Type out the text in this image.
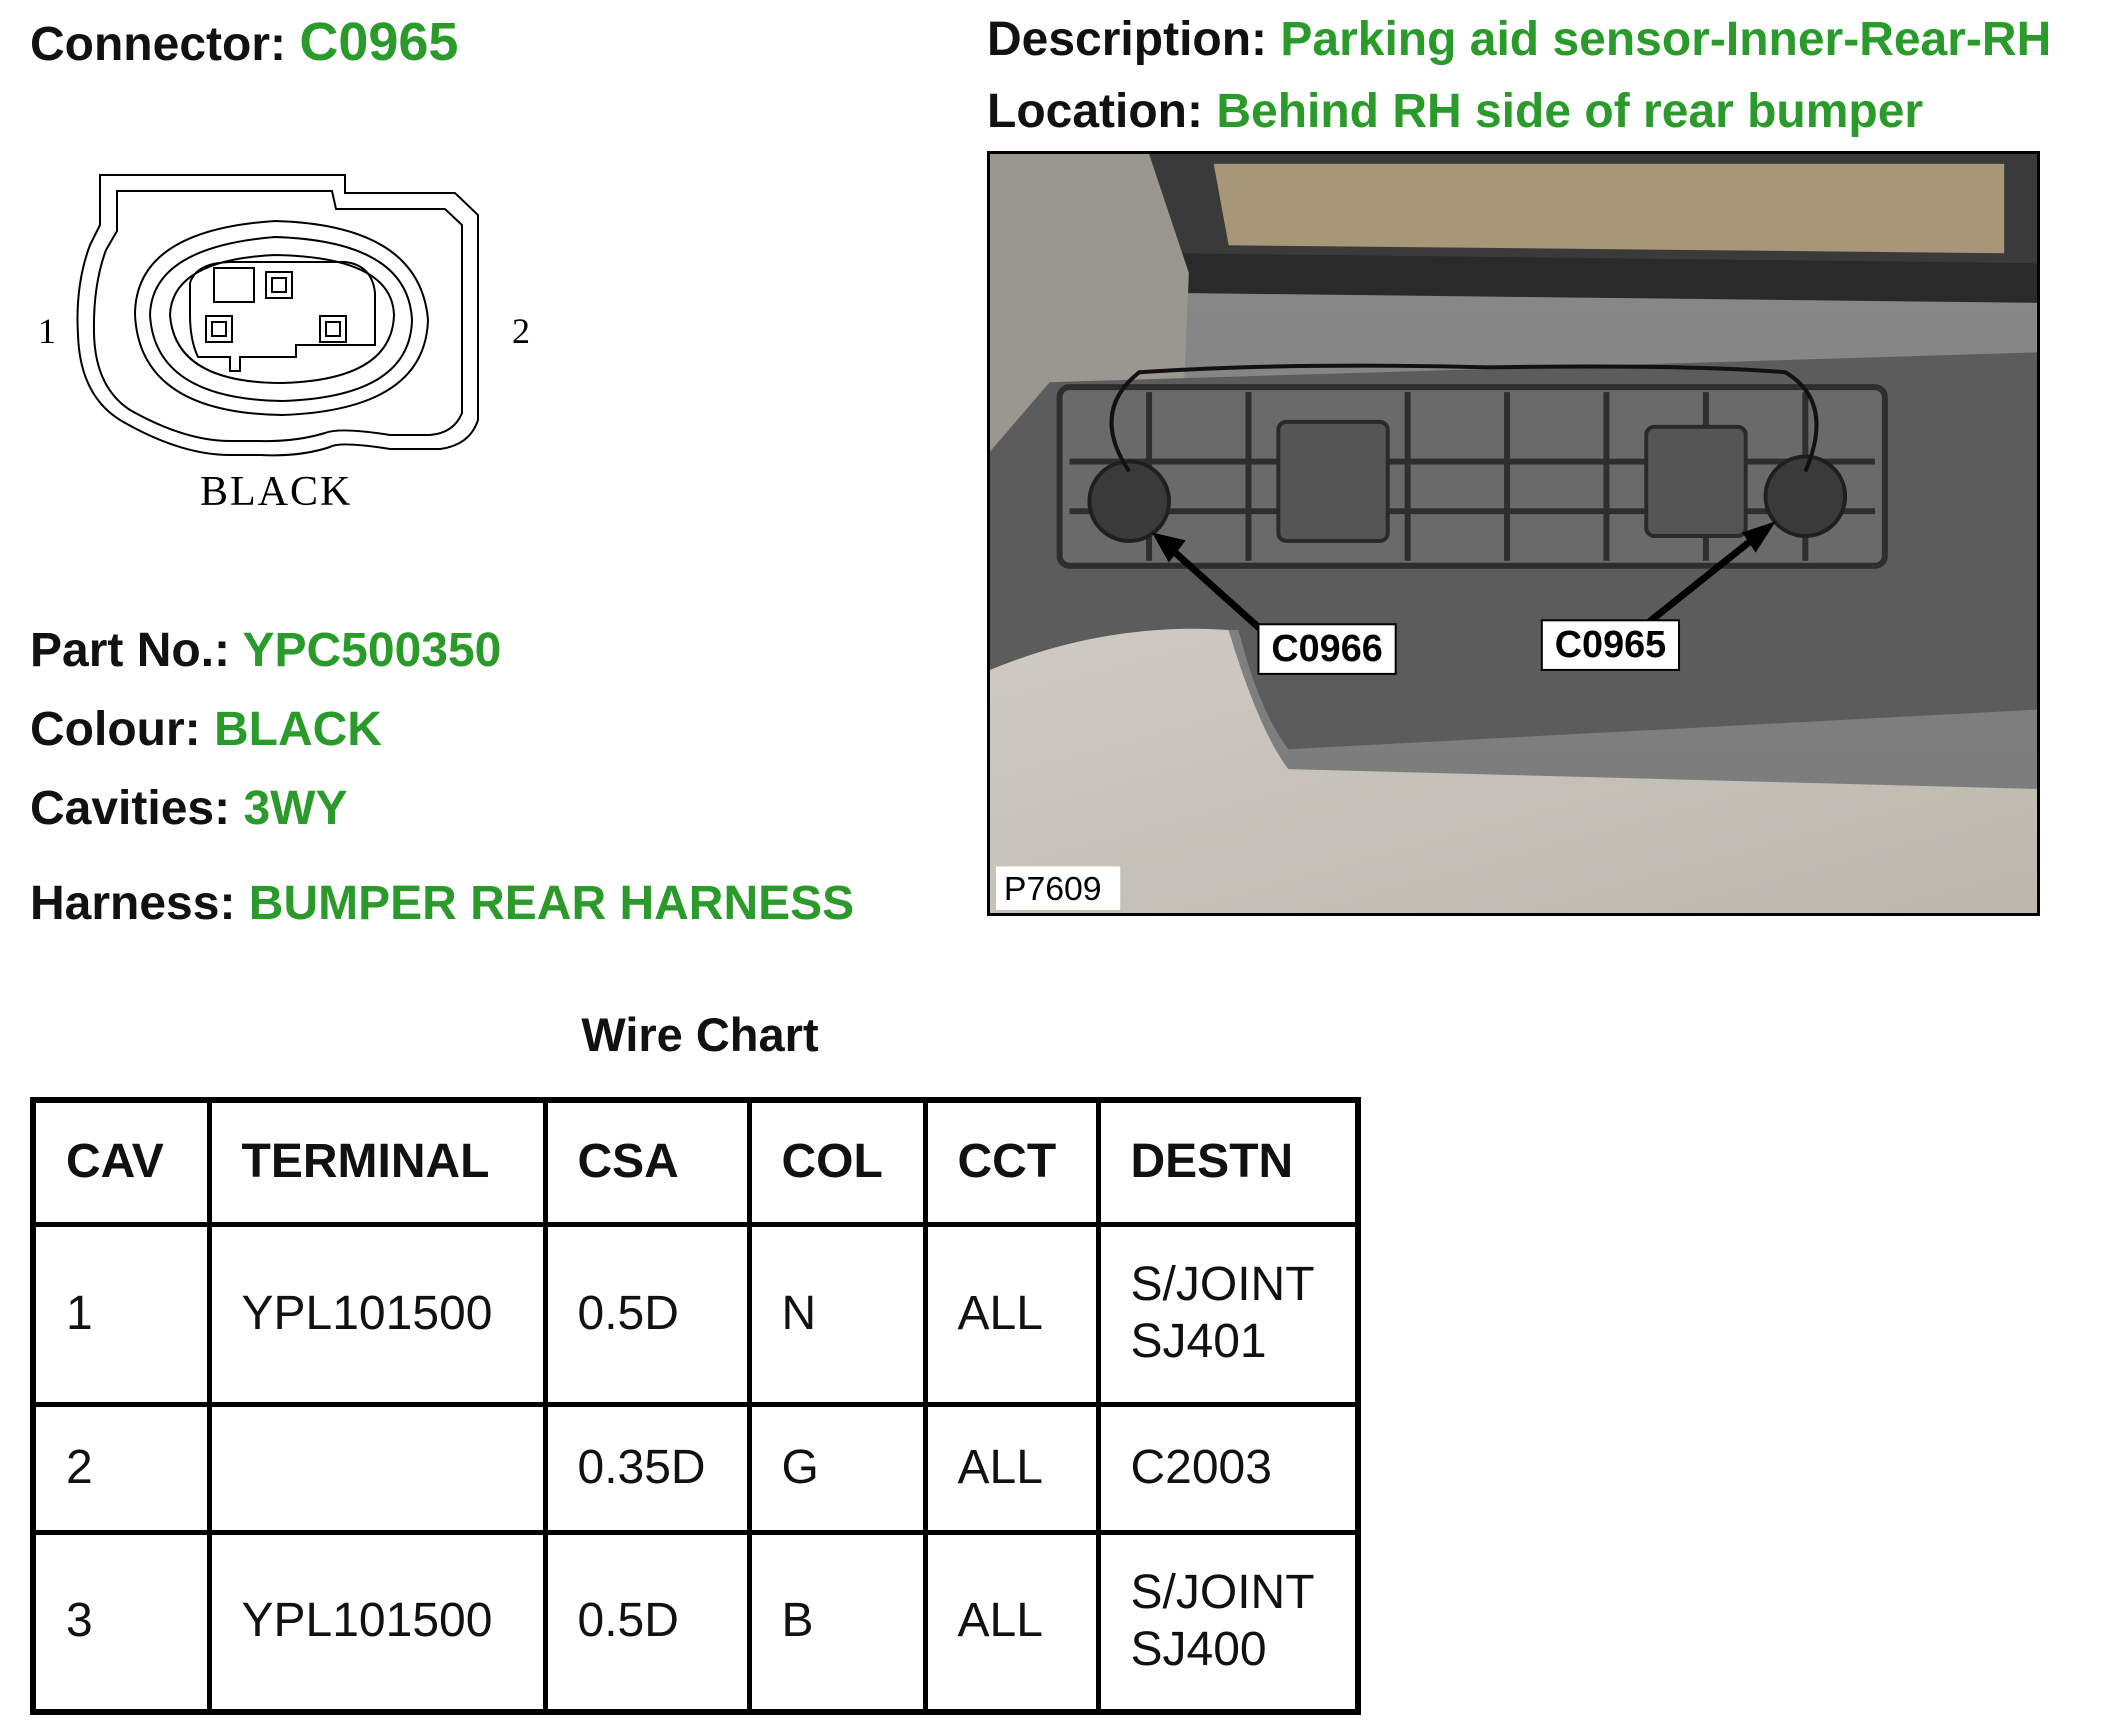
Connector: C0965	Description: Parking aid sensor-Inner-Rear-RH
Location: Behind RH side of rear bumper
1	2
BLACK
Part No.: YPC500350
Colour: BLACK
Cavities: 3WY
Harness: BUMPER REAR HARNESS
C0966	C0965
P7609
Wire Chart
CAV	TERMINAL	CSA	COL	CCT	DESTN
1	YPL101500	0.5D	N	ALL	S/JOINT
SJ401

2		0.35D	G	ALL	C2003

3	YPL101500	0.5D	B	ALL	S/JOINT
SJ400
